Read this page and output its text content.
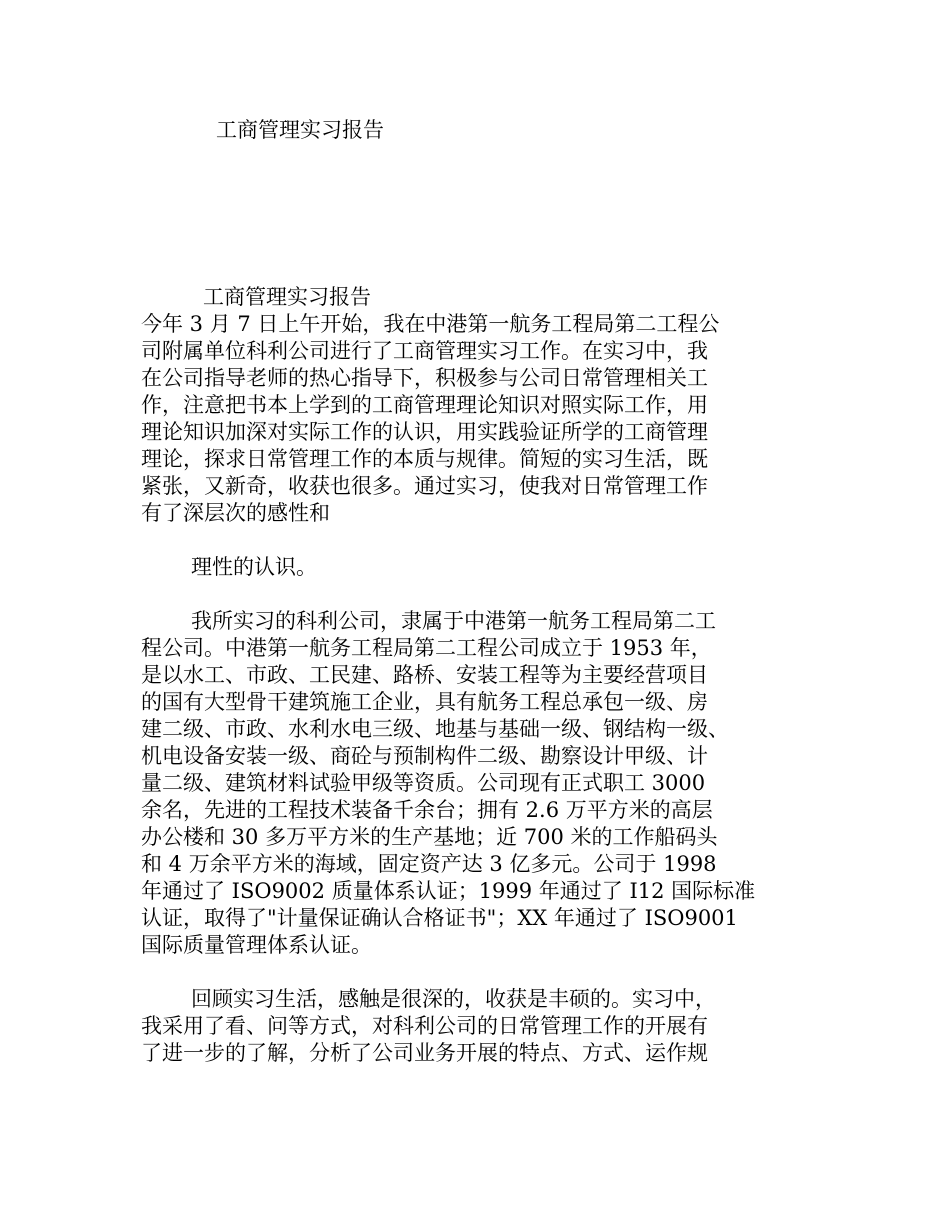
工商管理实习报告
工商管理实习报告
今年 3 月 7 日上午开始，我在中港第一航务工程局第二工程公
司附属单位科利公司进行了工商管理实习工作。在实习中，我
在公司指导老师的热心指导下，积极参与公司日常管理相关工
作，注意把书本上学到的工商管理理论知识对照实际工作，用
理论知识加深对实际工作的认识，用实践验证所学的工商管理
理论，探求日常管理工作的本质与规律。简短的实习生活，既
紧张，又新奇，收获也很多。通过实习，使我对日常管理工作
有了深层次的感性和
理性的认识。
我所实习的科利公司，隶属于中港第一航务工程局第二工
程公司。中港第一航务工程局第二工程公司成立于 1953 年，
是以水工、市政、工民建、路桥、安装工程等为主要经营项目
的国有大型骨干建筑施工企业，具有航务工程总承包一级、房
建二级、市政、水利水电三级、地基与基础一级、钢结构一级、
机电设备安装一级、商砼与预制构件二级、勘察设计甲级、计
量二级、建筑材料试验甲级等资质。公司现有正式职工 3000
余名，先进的工程技术装备千余台；拥有 2.6 万平方米的高层
办公楼和 30 多万平方米的生产基地；近 700 米的工作船码头
和 4 万余平方米的海域，固定资产达 3 亿多元。公司于 1998
年通过了 ISO9002 质量体系认证；1999 年通过了 I12 国际标准
认证，取得了"计量保证确认合格证书"；XX 年通过了 ISO9001
国际质量管理体系认证。
回顾实习生活，感触是很深的，收获是丰硕的。实习中，
我采用了看、问等方式，对科利公司的日常管理工作的开展有
了进一步的了解，分析了公司业务开展的特点、方式、运作规
